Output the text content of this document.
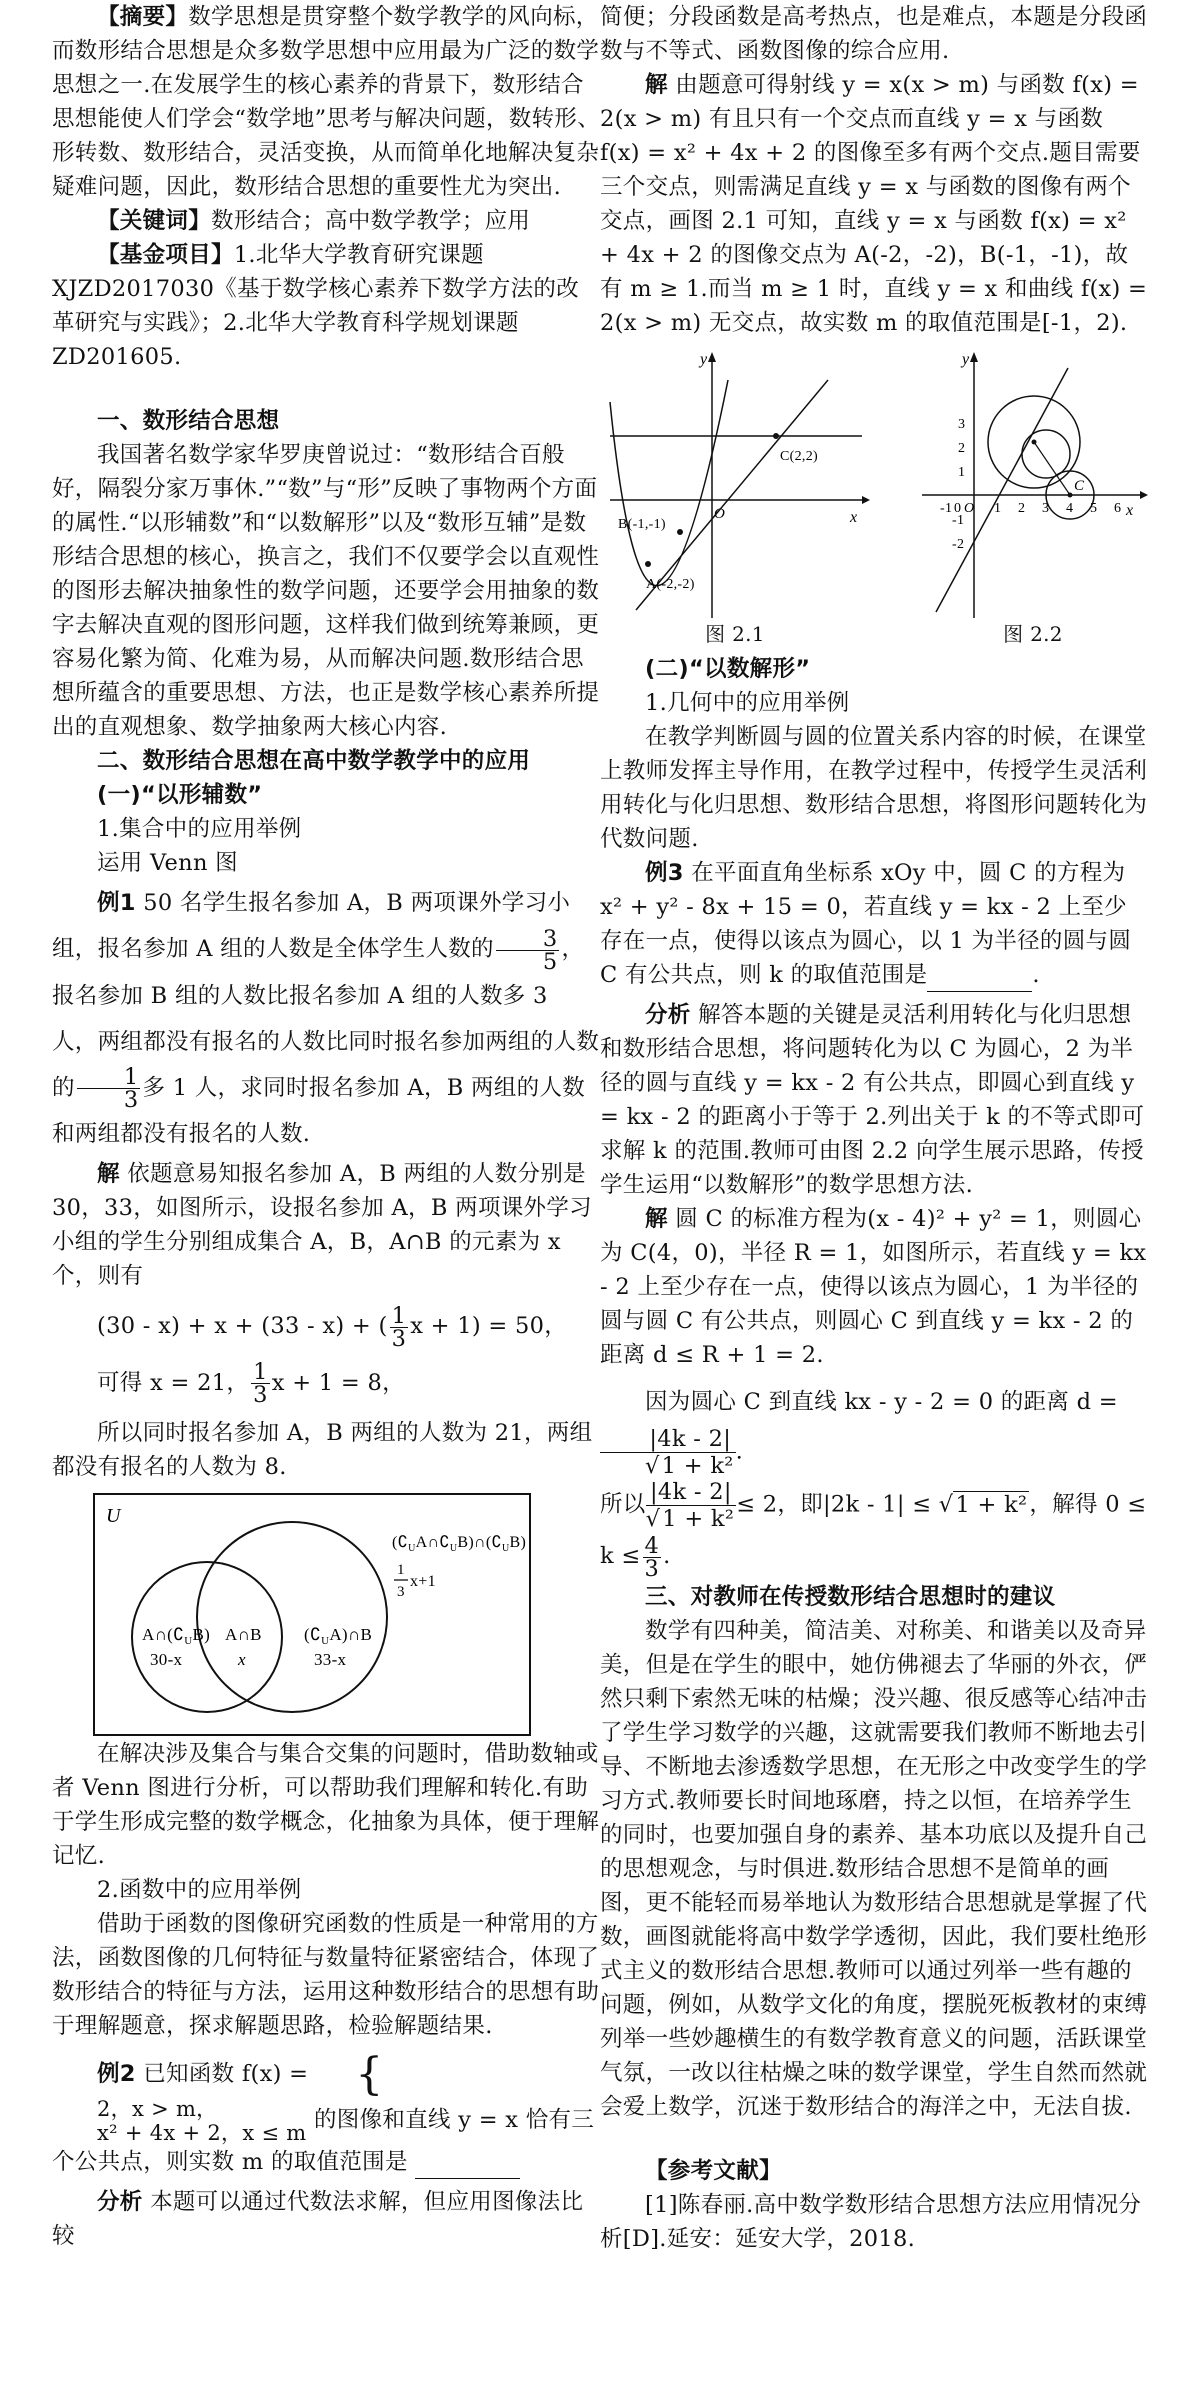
【摘要】数学思想是贯穿整个数学教学的风向标，而数形结合思想是众多数学思想中应用最为广泛的数学思想之一.在发展学生的核心素养的背景下，数形结合思想能使人们学会“数学地”思考与解决问题，数转形、形转数、数形结合，灵活变换，从而简单化地解决复杂疑难问题，因此，数形结合思想的重要性尤为突出.

【关键词】数形结合；高中数学教学；应用

【基金项目】1.北华大学教育研究课题 XJZD2017030《基于数学核心素养下数学方法的改革研究与实践》；2.北华大学教育科学规划课题 ZD201605.

一、数形结合思想

我国著名数学家华罗庚曾说过：“数形结合百般好，隔裂分家万事休.”“数”与“形”反映了事物两个方面的属性.“以形辅数”和“以数解形”以及“数形互辅”是数形结合思想的核心，换言之，我们不仅要学会以直观性的图形去解决抽象性的数学问题，还要学会用抽象的数字去解决直观的图形问题，这样我们做到统筹兼顾，更容易化繁为简、化难为易，从而解决问题.数形结合思想所蕴含的重要思想、方法，也正是数学核心素养所提出的直观想象、数学抽象两大核心内容.

二、数形结合思想在高中数学教学中的应用

(一)“以形辅数”

1.集合中的应用举例

运用 Venn 图

例1 50 名学生报名参加 A，B 两项课外学习小组，报名参加 A 组的人数是全体学生人数的 $\frac{3}{5}$ ，报名参加 B 组的人数比报名参加 A 组的人数多 3 人，两组都没有报名的人数比同时报名参加两组的人数的 $\frac{1}{3}$ 多 1 人，求同时报名参加 A，B 两组的人数和两组都没有报名的人数.

解 依题意易知报名参加 A，B 两组的人数分别是 30，33，如图所示，设报名参加 A，B 两项课外学习小组的学生分别组成集合 A，B，A∩B 的元素为 x 个，则有

(30 - x) + x + (33 - x) + ( $\frac{1}{3}$ x + 1) = 50，

可得 x = 21， $\frac{1}{3}$ x + 1 = 8，

所以同时报名参加 A，B 两组的人数为 21，两组都没有报名的人数为 8.

U
$A\cap(∁_UB)$
30-x
A∩B
x
$(∁_UA)\cap B$
33-x
$(∁_UA\cap∁_UB)\cap(∁_UB)$
1
3
x+1

在解决涉及集合与集合交集的问题时，借助数轴或者 Venn 图进行分析，可以帮助我们理解和转化.有助于学生形成完整的数学概念，化抽象为具体，便于理解记忆.

2.函数中的应用举例

借助于函数的图像研究函数的性质是一种常用的方法，函数图像的几何特征与数量特征紧密结合，体现了数形结合的特征与方法，运用这种数形结合的思想有助于理解题意，探求解题思路，检验解题结果.

例2 已知函数 f(x) = {
2，x > m，
x² + 4x + 2，x ≤ m 的图像和直线 y = x 恰有三个公共点，则实数 m 的取值范围是

分析 本题可以通过代数法求解，但应用图像法比较

简便；分段函数是高考热点，也是难点，本题是分段函数与不等式、函数图像的综合应用.

解 由题意可得射线 y = x(x > m) 与函数 f(x) = 2(x > m) 有且只有一个交点而直线 y = x 与函数 f(x) = x² + 4x + 2 的图像至多有两个交点.题目需要三个交点，则需满足直线 y = x 与函数的图像有两个交点，画图 2.1 可知，直线 y = x 与函数 f(x) = x² + 4x + 2 的图像交点为 A(-2，-2)，B(-1，-1)，故有 m ≥ 1.而当 m ≥ 1 时，直线 y = x 和曲线 f(x) = 2(x > m) 无交点，故实数 m 的取值范围是[-1，2).

y
x
O
C(2,2)
B(-1,-1)
A(-2,-2)
图 2.1
y
x
O
-1 0 1 2 3 4 5 6
3
2
1
-1
-2
C
图 2.2

(二)“以数解形”

1.几何中的应用举例

在教学判断圆与圆的位置关系内容的时候，在课堂上教师发挥主导作用，在教学过程中，传授学生灵活利用转化与化归思想、数形结合思想，将图形问题转化为代数问题.

例3 在平面直角坐标系 xOy 中，圆 C 的方程为 x² + y² - 8x + 15 = 0，若直线 y = kx - 2 上至少存在一点，使得以该点为圆心，以 1 为半径的圆与圆 C 有公共点，则 k 的取值范围是	.

分析 解答本题的关键是灵活利用转化与化归思想和数形结合思想，将问题转化为以 C 为圆心，2 为半径的圆与直线 y = kx - 2 有公共点，即圆心到直线 y = kx - 2 的距离小于等于 2.列出关于 k 的不等式即可求解 k 的范围.教师可由图 2.2 向学生展示思路，传授学生运用“以数解形”的数学思想方法.

解 圆 C 的标准方程为(x - 4)² + y² = 1，则圆心为 C(4，0)，半径 R = 1，如图所示，若直线 y = kx - 2 上至少存在一点，使得以该点为圆心，1 为半径的圆与圆 C 有公共点，则圆心 C 到直线 y = kx - 2 的距离 d ≤ R + 1 = 2.

因为圆心 C 到直线 kx - y - 2 = 0 的距离 d =
$\frac{|4k - 2|}{\text{√1 + k²}}$ .

所以 $\frac{|4k - 2|}{\text{√1 + k²}} \le 2$，即|2k - 1| ≤ √1 + k²，解得 $0 \le k \le \frac{4}{3}$ .

三、对教师在传授数形结合思想时的建议

数学有四种美，简洁美、对称美、和谐美以及奇异美，但是在学生的眼中，她仿佛褪去了华丽的外衣，俨然只剩下索然无味的枯燥；没兴趣、很反感等心结冲击了学生学习数学的兴趣，这就需要我们教师不断地去引导、不断地去渗透数学思想，在无形之中改变学生的学习方式.教师要长时间地琢磨，持之以恒，在培养学生的同时，也要加强自身的素养、基本功底以及提升自己的思想观念，与时俱进.数形结合思想不是简单的画图，更不能轻而易举地认为数形结合思想就是掌握了代数，画图就能将高中数学学透彻，因此，我们要杜绝形式主义的数形结合思想.教师可以通过列举一些有趣的问题，例如，从数学文化的角度，摆脱死板教材的束缚列举一些妙趣横生的有数学教育意义的问题，活跃课堂气氛，一改以往枯燥之味的数学课堂，学生自然而然就会爱上数学，沉迷于数形结合的海洋之中，无法自拔.

【参考文献】

[1]陈春丽.高中数学数形结合思想方法应用情况分析[D].延安：延安大学，2018.
